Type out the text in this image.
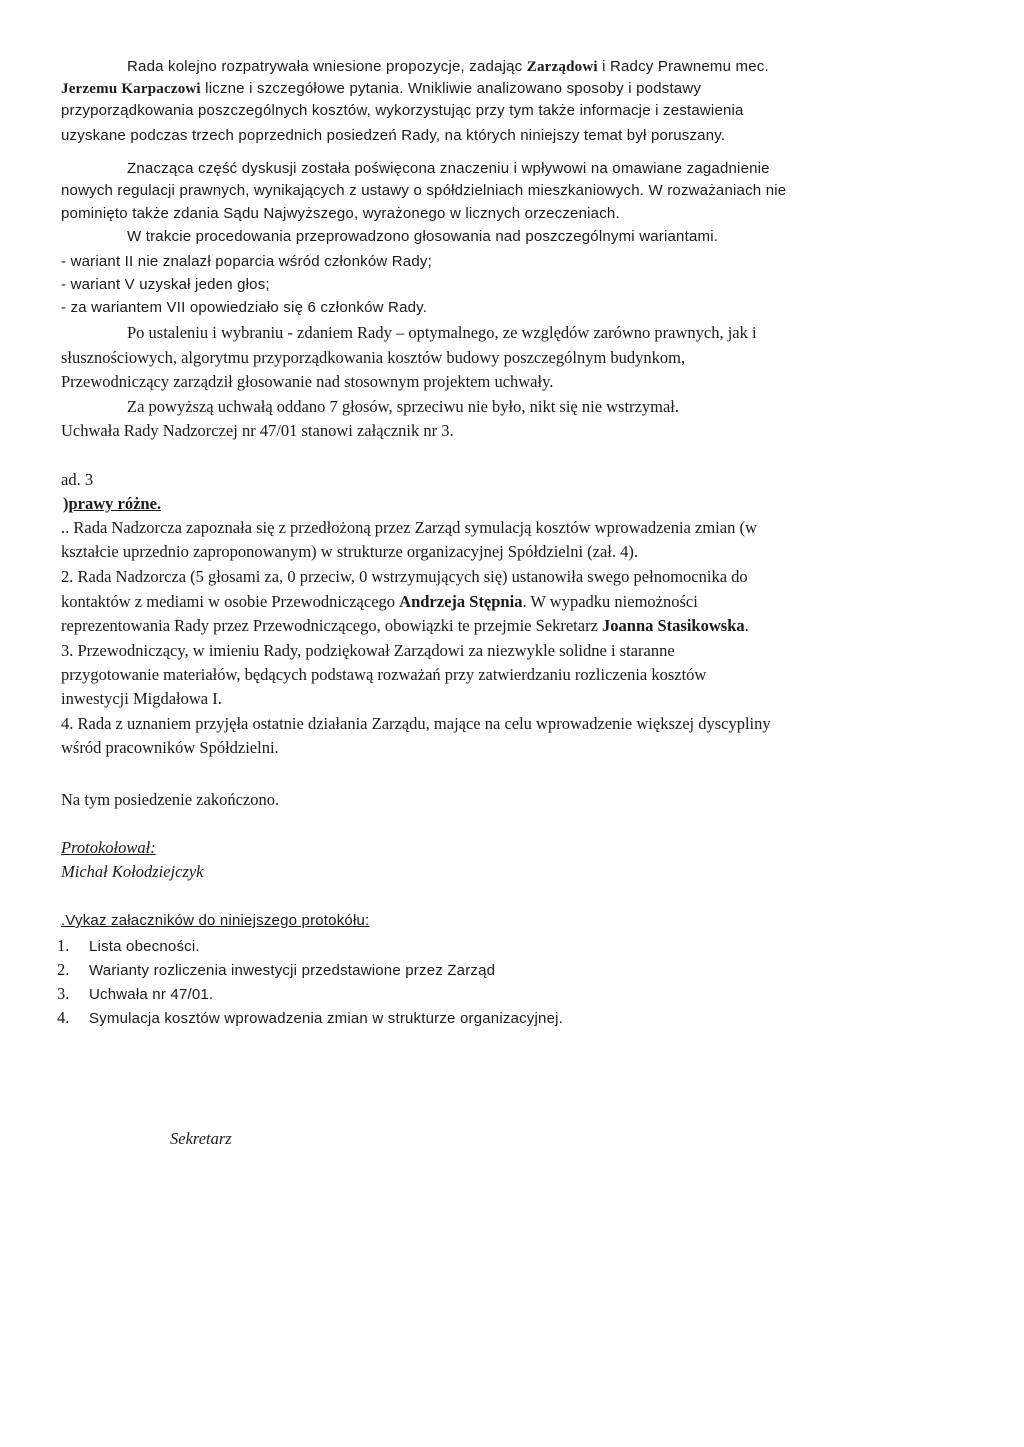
Rada kolejno rozpatrywała wniesione propozycje, zadając Zarządowi i Radcy Prawnemu mec.
Jerzemu Karpaczowi liczne i szczegółowe pytania. Wnikliwie analizowano sposoby i podstawy
przyporządkowania poszczególnych kosztów, wykorzystując przy tym także informacje i zestawienia
uzyskane podczas trzech poprzednich posiedzeń Rady, na których niniejszy temat był poruszany.
Znacząca część dyskusji została poświęcona znaczeniu i wpływowi na omawiane zagadnienie
nowych regulacji prawnych, wynikających z ustawy o spółdzielniach mieszkaniowych. W rozważaniach nie
pominięto także zdania Sądu Najwyższego, wyrażonego w licznych orzeczeniach.
W trakcie procedowania przeprowadzono głosowania nad poszczególnymi wariantami.
- wariant II nie znalazł poparcia wśród członków Rady;
- wariant V uzyskał jeden głos;
- za wariantem VII opowiedziało się 6 członków Rady.
Po ustaleniu i wybraniu - zdaniem Rady – optymalnego, ze względów zarówno prawnych, jak i
słusznościowych, algorytmu przyporządkowania kosztów budowy poszczególnym budynkom,
Przewodniczący zarządził głosowanie nad stosownym projektem uchwały.
Za powyższą uchwałą oddano 7 głosów, sprzeciwu nie było, nikt się nie wstrzymał.
Uchwała Rady Nadzorczej nr 47/01 stanowi załącznik nr 3.
ad. 3
)prawy różne.
.. Rada Nadzorcza zapoznała się z przedłożoną przez Zarząd symulacją kosztów wprowadzenia zmian (w
kształcie uprzednio zaproponowanym) w strukturze organizacyjnej Spółdzielni (zał. 4).
2. Rada Nadzorcza (5 głosami za, 0 przeciw, 0 wstrzymujących się) ustanowiła swego pełnomocnika do
kontaktów z mediami w osobie Przewodniczącego Andrzeja Stępnia. W wypadku niemożności
reprezentowania Rady przez Przewodniczącego, obowiązki te przejmie Sekretarz Joanna Stasikowska.
3. Przewodniczący, w imieniu Rady, podziękował Zarządowi za niezwykle solidne i staranne
przygotowanie materiałów, będących podstawą rozważań przy zatwierdzaniu rozliczenia kosztów
inwestycji Migdałowa I.
4. Rada z uznaniem przyjęła ostatnie działania Zarządu, mające na celu wprowadzenie większej dyscypliny
wśród pracowników Spółdzielni.
Na tym posiedzenie zakończono.
Protokołował:
Michał Kołodziejczyk
.Vykaz załaczników do niniejszego protokółu:
1. Lista obecności.
2. Warianty rozliczenia inwestycji przedstawione przez Zarząd
3. Uchwała nr 47/01.
4. Symulacja kosztów wprowadzenia zmian w strukturze organizacyjnej.
Sekretarz
